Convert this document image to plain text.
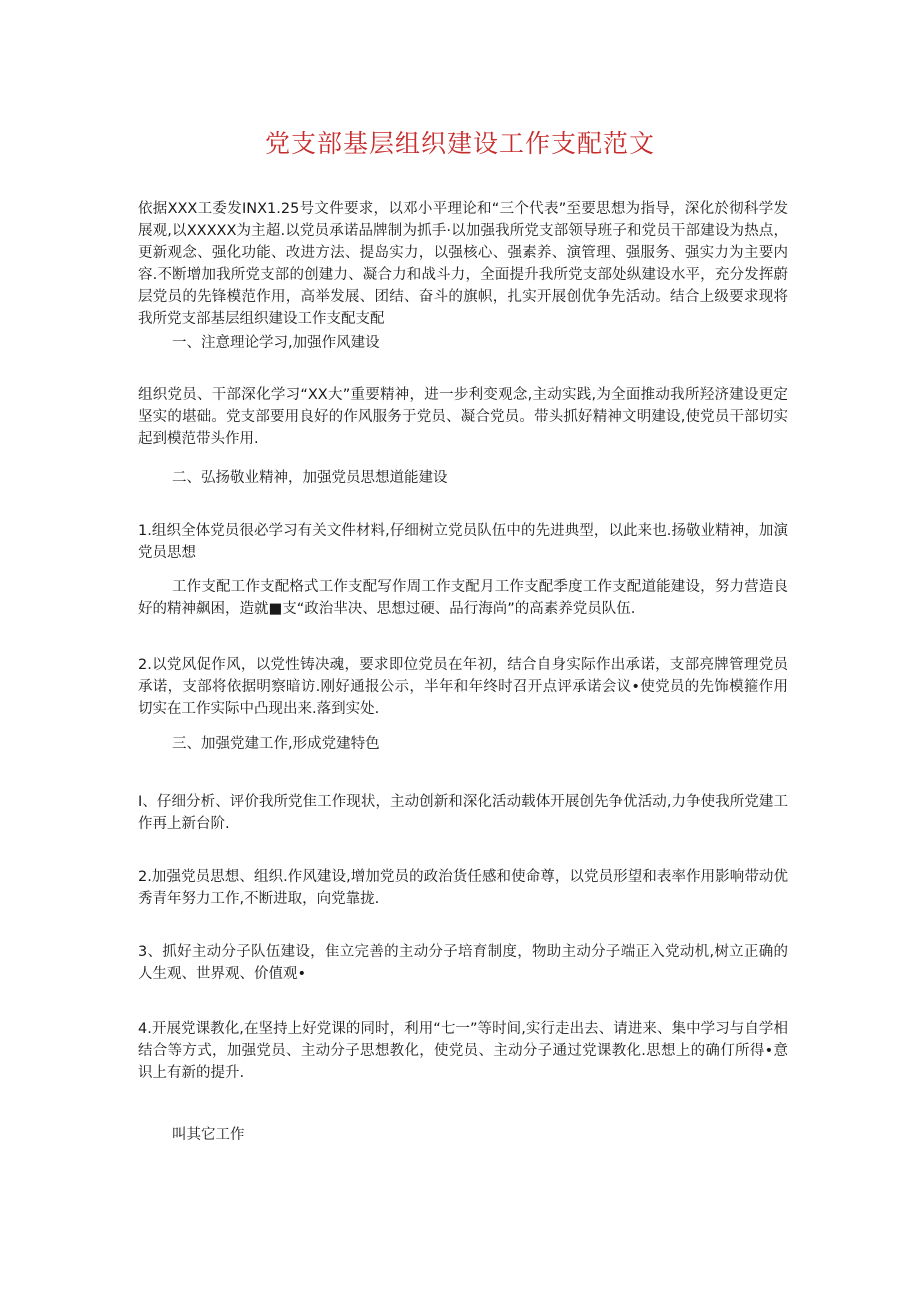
党支部基层组织建设工作支配范文

依据XXX工委发INX1.25号文件要求，以邓小平理论和“三个代表”至要思想为指导，深化於彻科学发展观,以XXXXX为主超.以党员承诺品牌制为抓手·以加强我所党支部领导班子和党员干部建设为热点，更新观念、强化功能、改进方法、提岛实力，以强核心、强素养、演管理、强服务、强实力为主要内容.不断增加我所党支部的创建力、凝合力和战斗力，全面提升我所党支部处纵建设水平，充分发挥蔚层党员的先锋模范作用，高举发展、团结、奋斗的旗帜，扎实开展创优争先活动。结合上级要求现将我所党支部基层组织建设工作支配支配

一、注意理论学习,加强作风建设

组织党员、干部深化学习“XX大”重要精神，进一步利变观念,主动实践,为全面推动我所羟济建设更定坚实的堪础。党支部要用良好的作风服务于党员、凝合党员。带头抓好精神文明建设,使党员干部切实起到模范带头作用.

二、弘扬敬业精神，加强党员思想道能建设

1.组织全体党员很必学习有关文件材料,仔细树立党员队伍中的先进典型，以此来也.扬敬业精神，加演党员思想

工作支配工作支配格式工作支配写作周工作支配月工作支配季度工作支配道能建设，努力营造良好的精神飙困，造就■支“政治芈决、思想过硬、品行海尚”的高素养党员队伍.

2.以党风促作风，以党性铸决魂，要求即位党员在年初，结合自身实际作出承诺，支部亮牌管理党员承诺，支部将依据明察暗访.刚好通报公示，半年和年终时召开点评承诺会议•使党员的先饰模箍作用切实在工作实际中凸现出来.落到实处.

三、加强党建工作,形成党建特色

I、仔细分析、评价我所党隹工作现状，主动创新和深化活动载体开展创先争优活动,力争使我所党建工作再上新台阶.

2.加强党员思想、组织.作风建设,增加党员的政治货任感和使命尊，以党员形望和表率作用影响带动优秀青年努力工作,不断进取，向党靠拢.

3、抓好主动分子队伍建设，隹立完善的主动分子培育制度，物助主动分子端正入党动机,树立正确的人生观、世界观、价值观•

4.开展党课教化,在坚持上好党课的同时，利用“七一”等时间,实行走出去、请进来、集中学习与自学相结合等方式，加强党员、主动分子思想教化，使党员、主动分子通过党课教化.思想上的确仃所得•意识上有新的提升.

叫其它工作
